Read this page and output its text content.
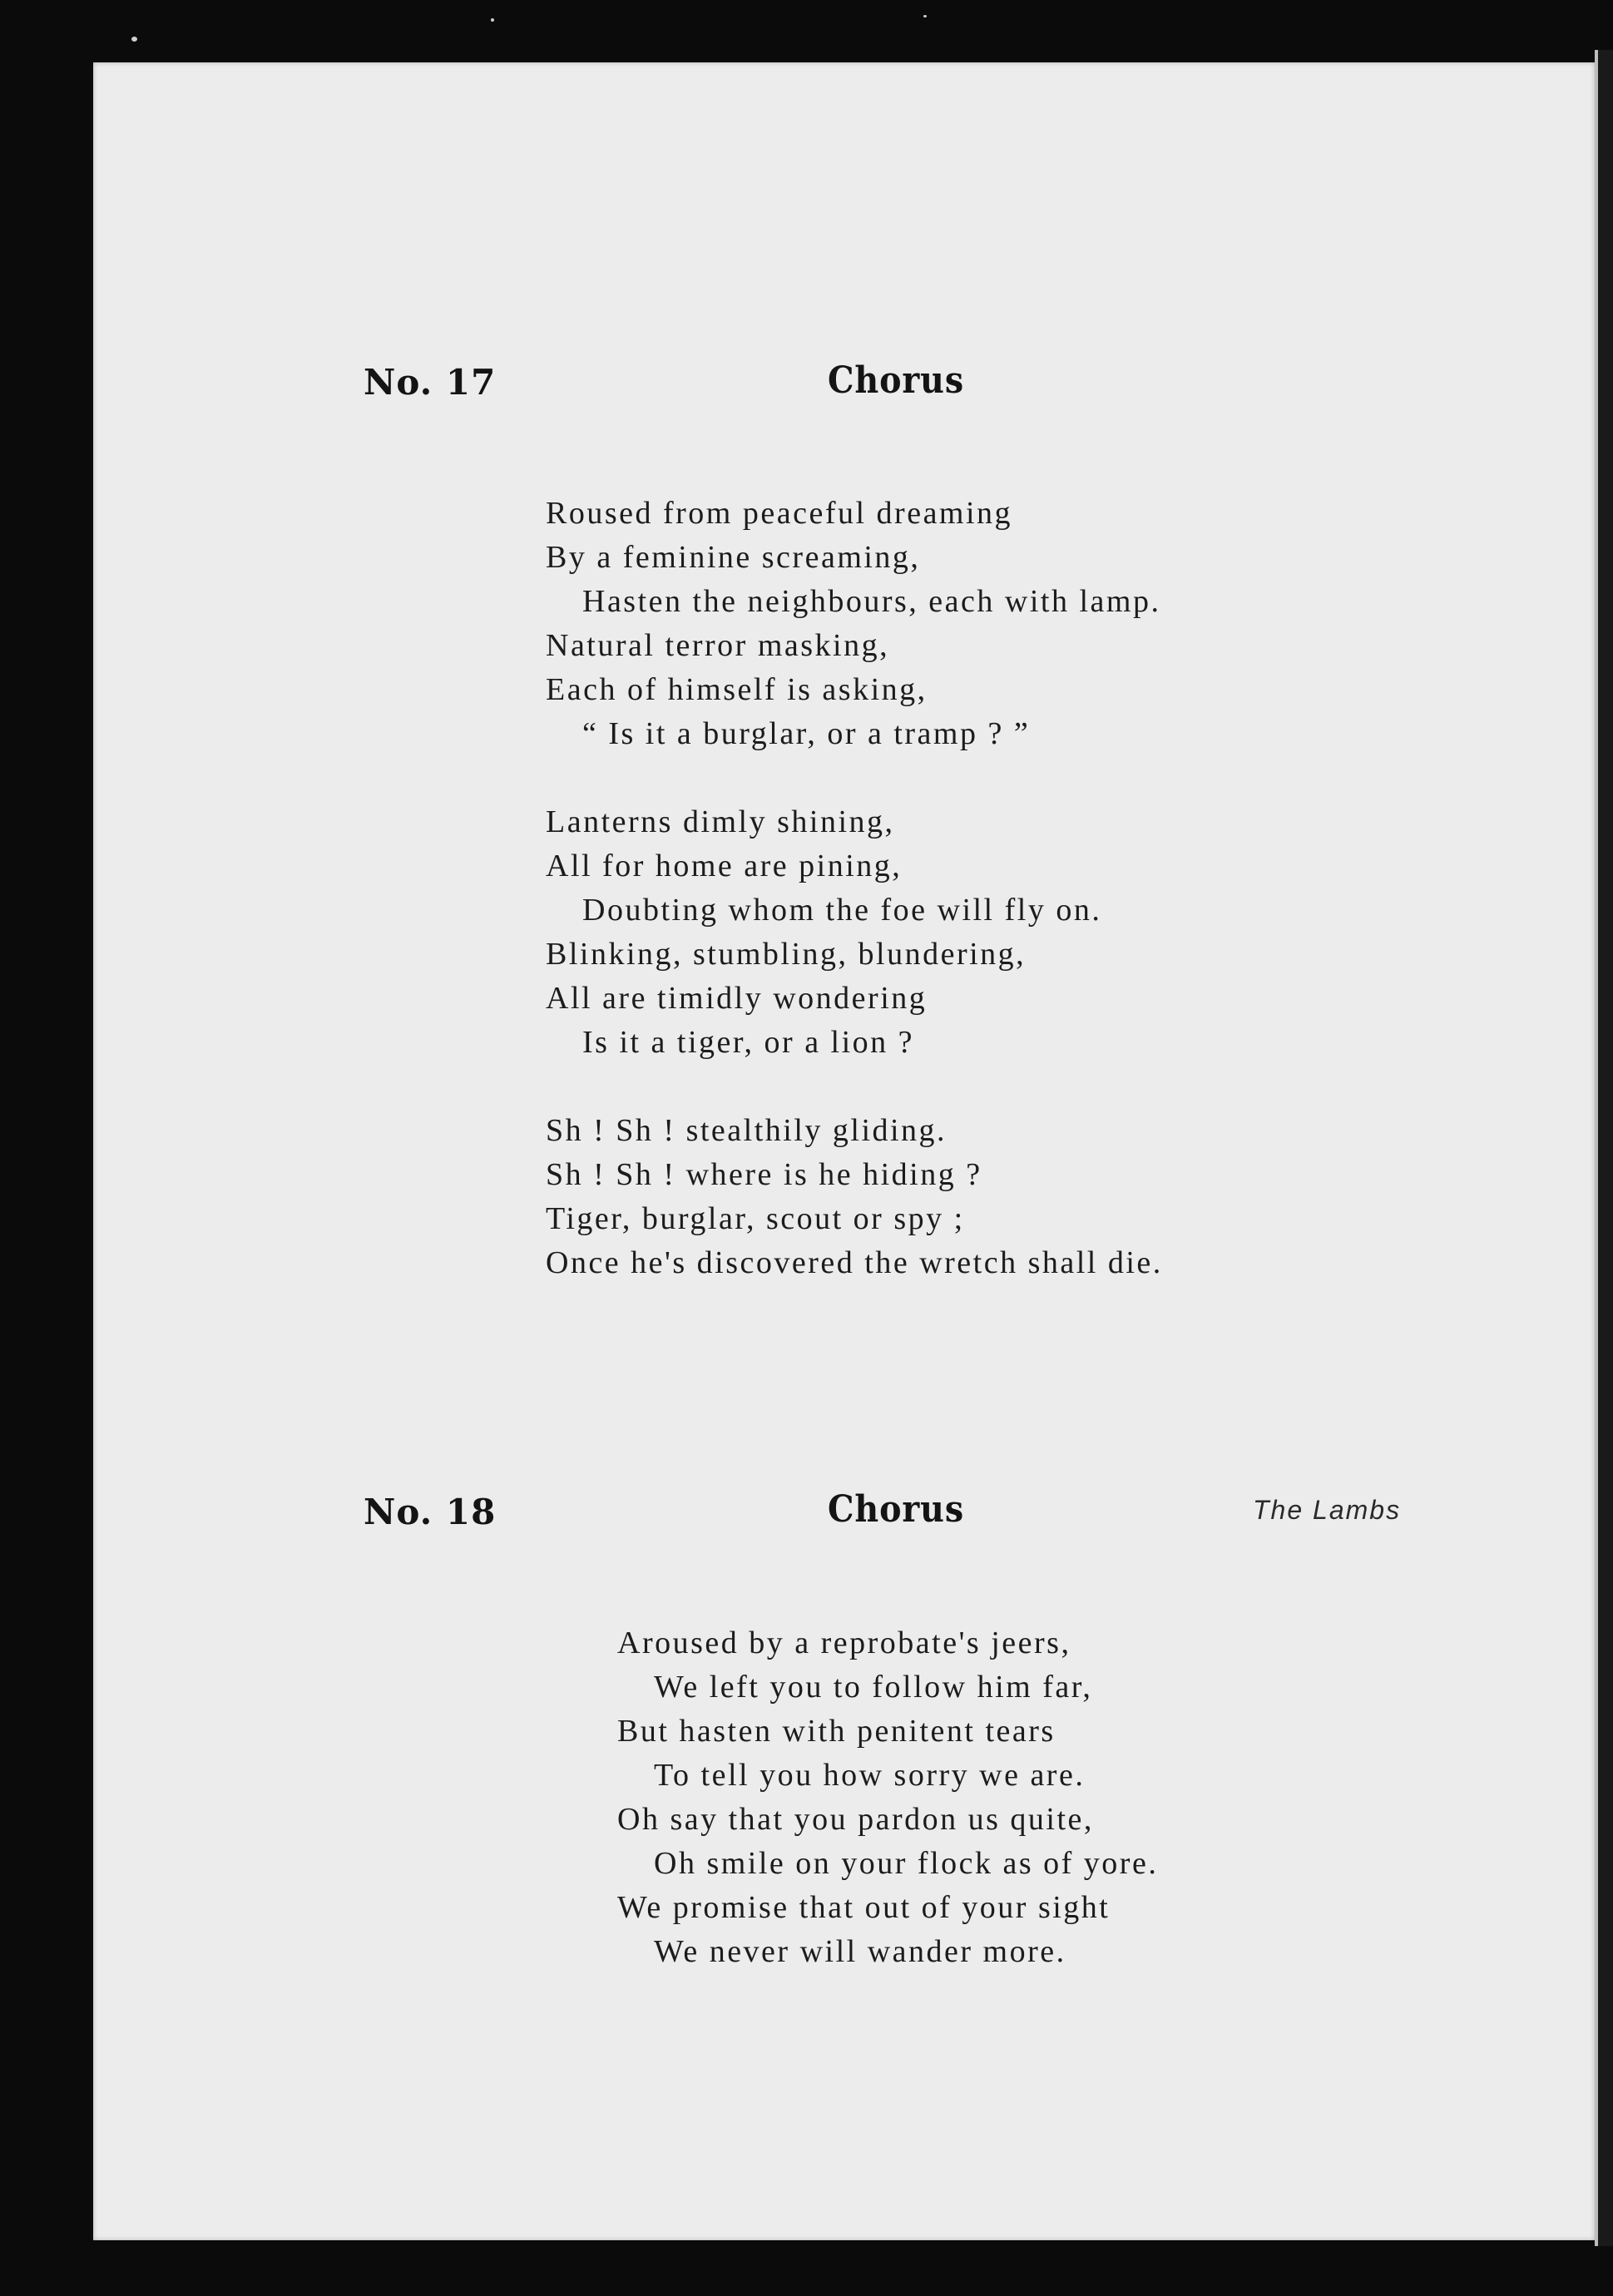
No. 17	Chorus
Roused from peaceful dreaming
By a feminine screaming,
Hasten the neighbours, each with lamp.
Natural terror masking,
Each of himself is asking,
“ Is it a burglar, or a tramp ? ”
Lanterns dimly shining,
All for home are pining,
Doubting whom the foe will fly on.
Blinking, stumbling, blundering,
All are timidly wondering
Is it a tiger, or a lion ?
Sh ! Sh ! stealthily gliding.
Sh ! Sh ! where is he hiding ?
Tiger, burglar, scout or spy ;
Once he's discovered the wretch shall die.
No. 18	Chorus	The Lambs
Aroused by a reprobate's jeers,
We left you to follow him far,
But hasten with penitent tears
To tell you how sorry we are.
Oh say that you pardon us quite,
Oh smile on your flock as of yore.
We promise that out of your sight
We never will wander more.
